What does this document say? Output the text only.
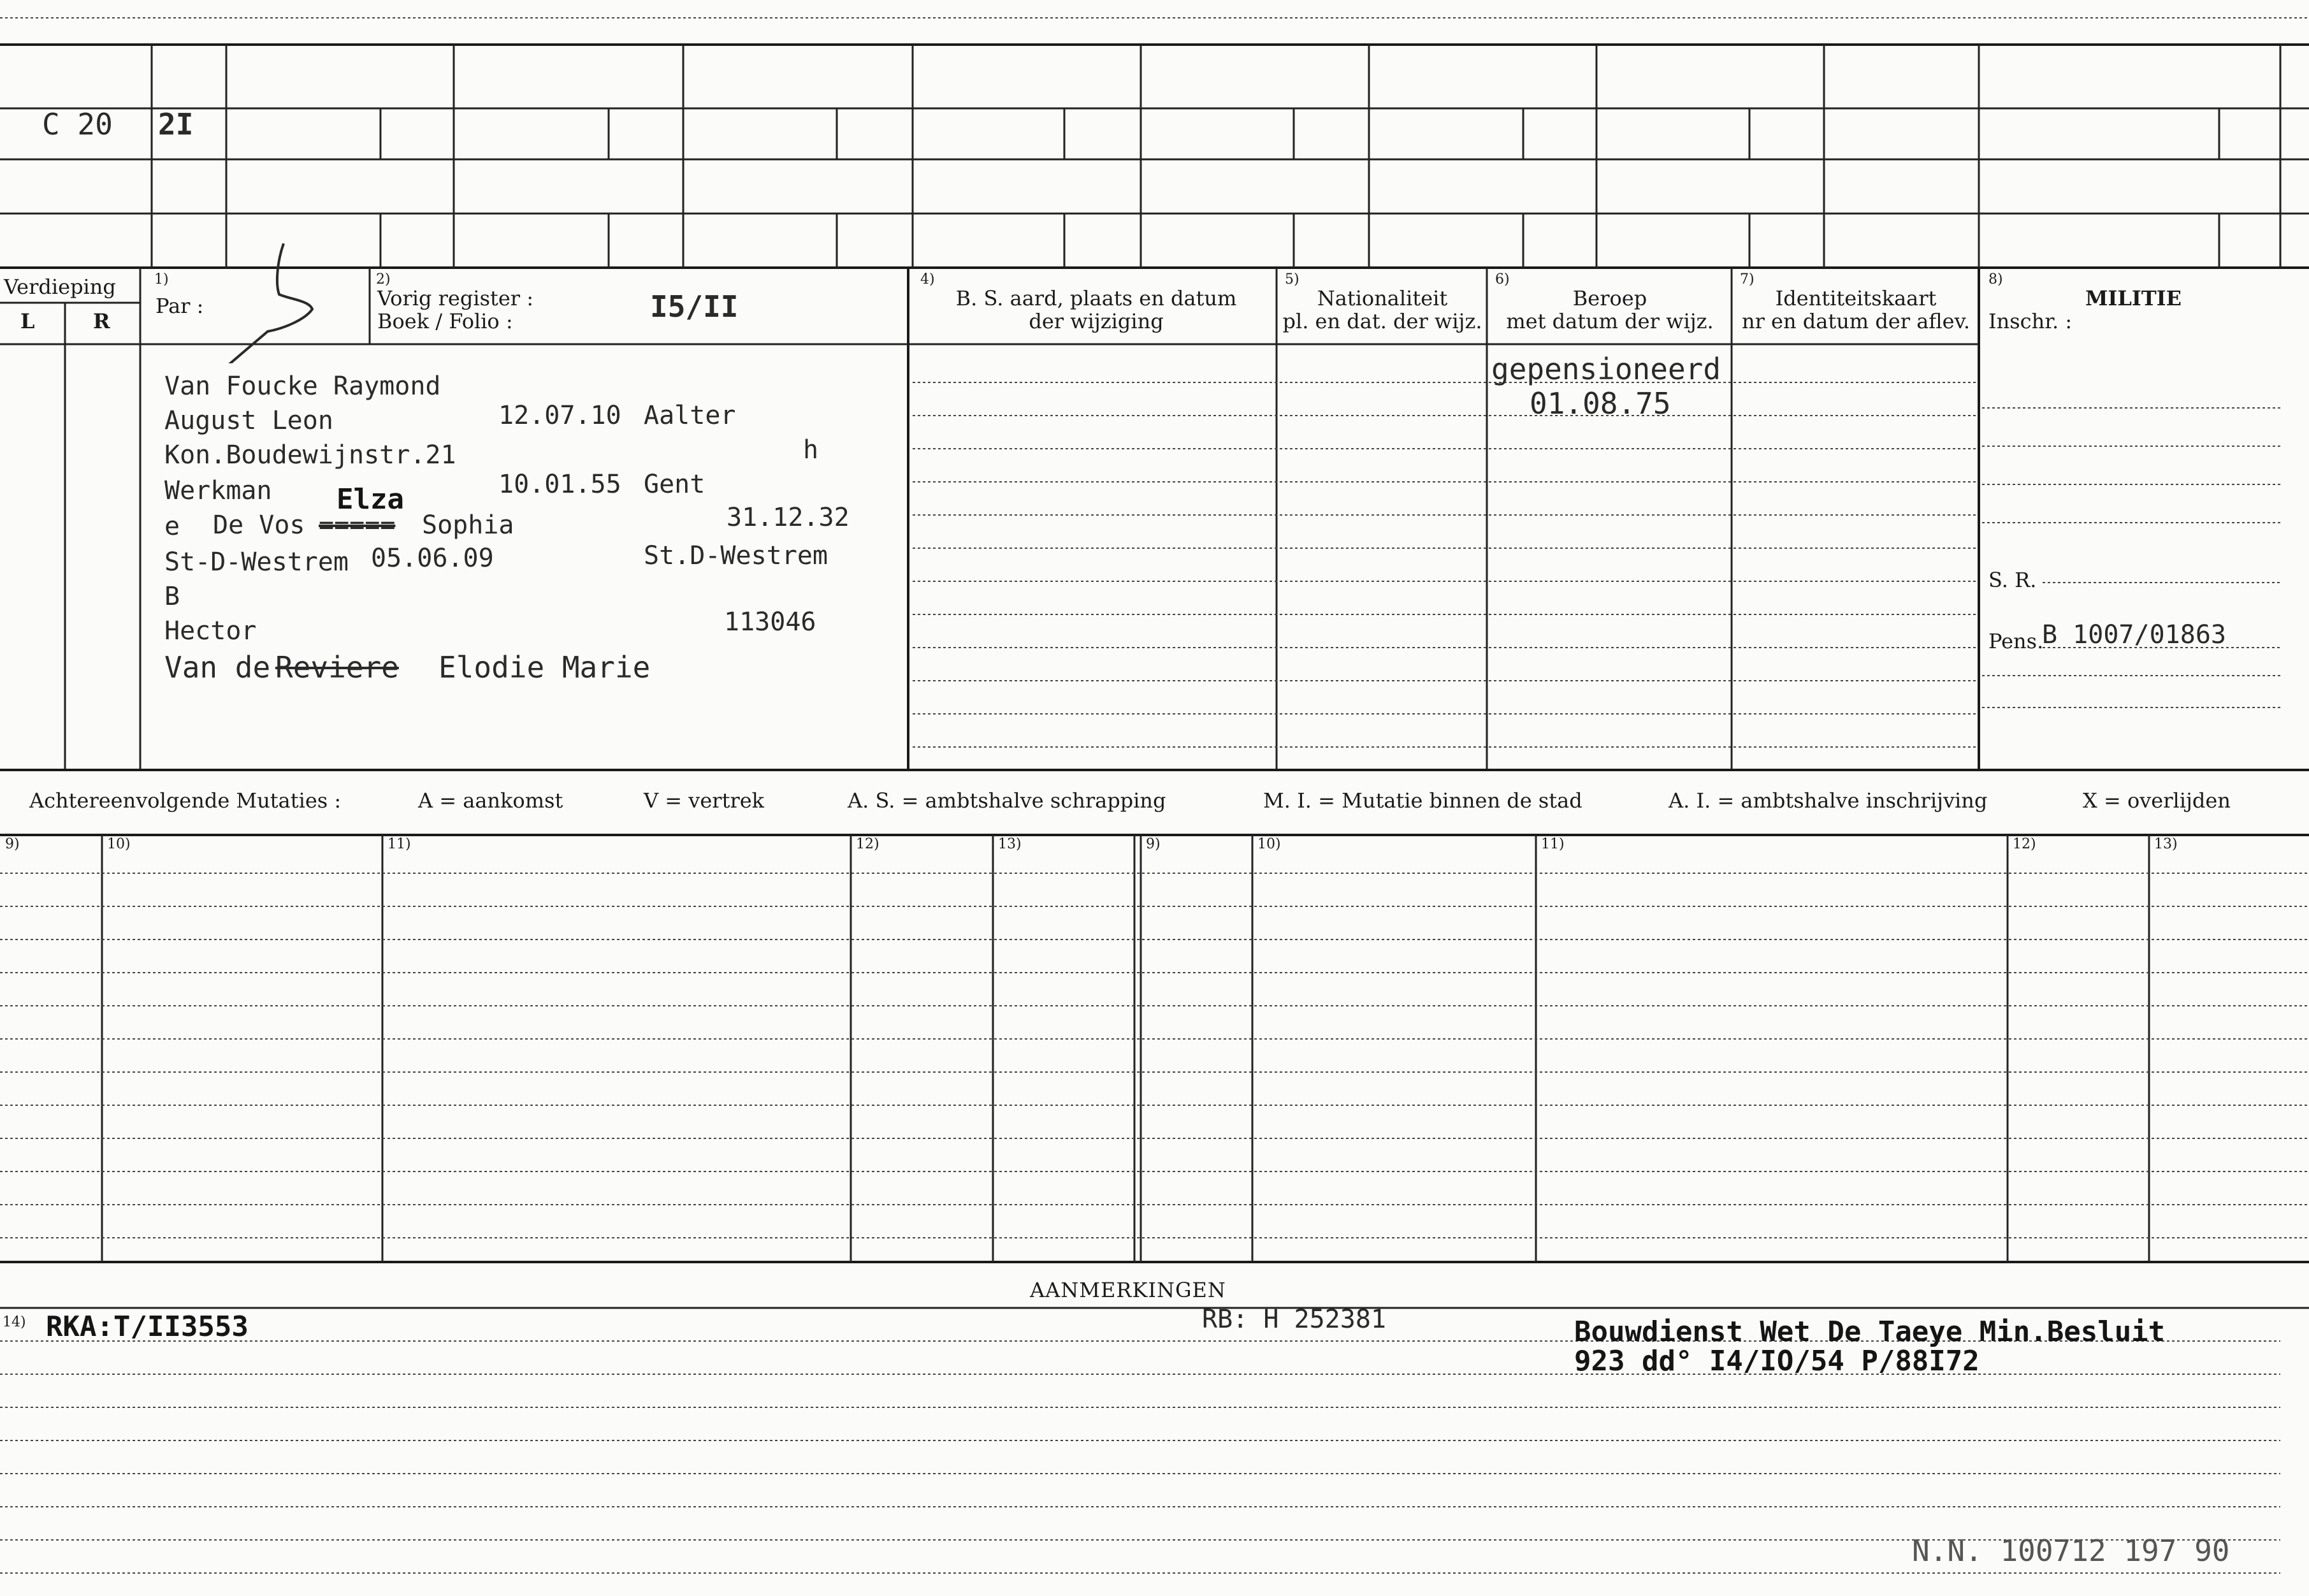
C 20 2I
Verdieping
L	R
1)
Par :
2)
Vorig register :
Boek / Folio :	I5/II
4)
B. S. aard, plaats en datum
der wijziging
5)
Nationaliteit
pl. en dat. der wijz.
6)
Beroep
met datum der wijz.
7)
Identiteitskaart
nr en datum der aflev.
8)
MILITIE
Inschr. :
S. R.
Pens.
B 1007/01863
Van Foucke Raymond
August Leon	12.07.10 Aalter
Kon.Boudewijnstr.21	h
Werkman	10.01.55 Gent
Elza
e De Vos ===== Sophia	31.12.32
St-D-Westrem 05.06.09	St.D-Westrem
B
Hector	113046
Van de Reviere Elodie Marie
gepensioneerd
01.08.75
Achtereenvolgende Mutaties :	A = aankomst	V = vertrek	A. S. = ambtshalve schrapping	M. I. = Mutatie binnen de stad	A. I. = ambtshalve inschrijving	X = overlijden
9)	10)	11)	12)	13)	9)	10)	11)	12)	13)
AANMERKINGEN
14) RKA:T/II3553	RB: H 252381	Bouwdienst Wet De Taeye Min.Besluit
923 dd° I4/IO/54 P/88I72
N.N. 100712 197 90
